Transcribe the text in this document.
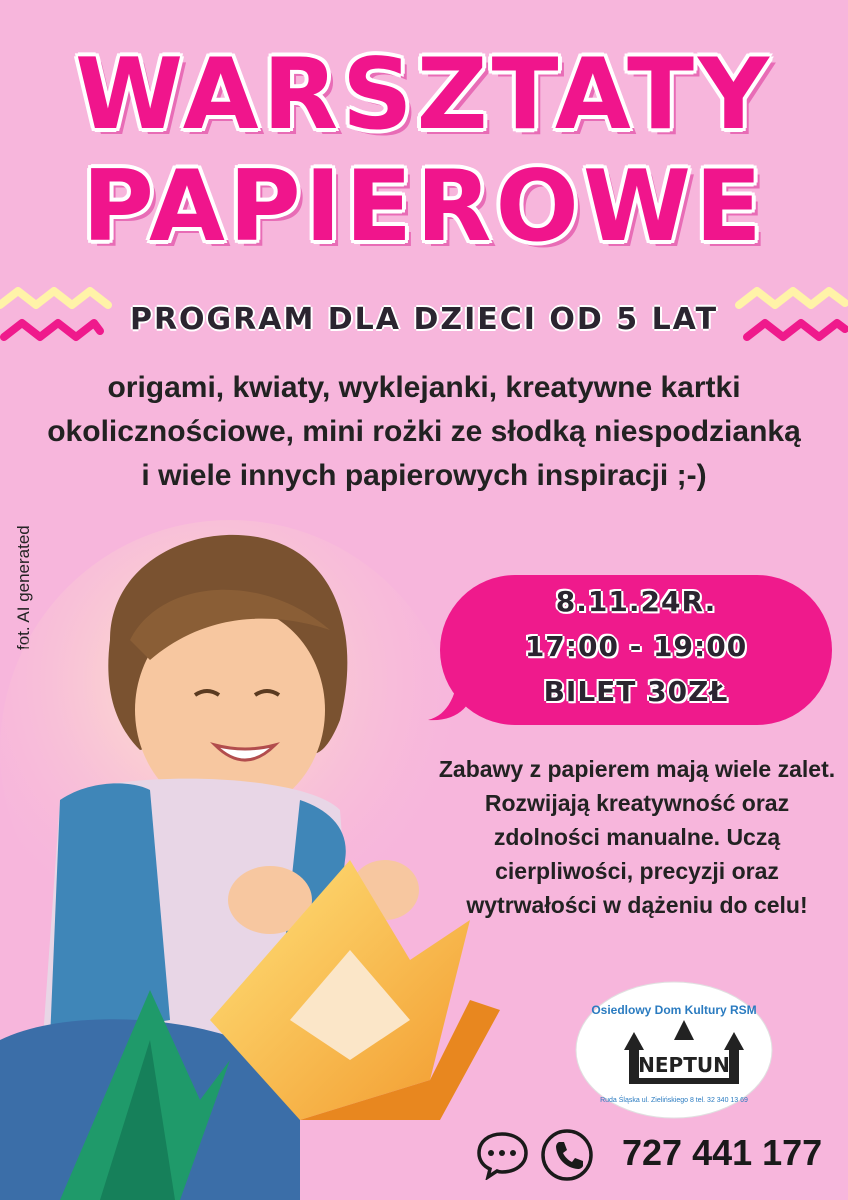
WARSZTATY
PAPIEROWE
PROGRAM DLA DZIECI OD 5 LAT
origami, kwiaty, wyklejanki, kreatywne kartki okolicznościowe, mini rożki ze słodką niespodzianką i wiele innych papierowych inspiracji ;-)
fot. AI generated	8.11.24R.
17:00 - 19:00
BILET 30ZŁ
Zabawy z papierem mają wiele zalet. Rozwijają kreatywność oraz zdolności manualne. Uczą cierpliwości, precyzji oraz wytrwałości w dążeniu do celu!
Osiedlowy Dom Kultury RSM
NEPTUN
Ruda Śląska ul. Zielińskiego 8 tel. 32 340 13 69
727 441 177
